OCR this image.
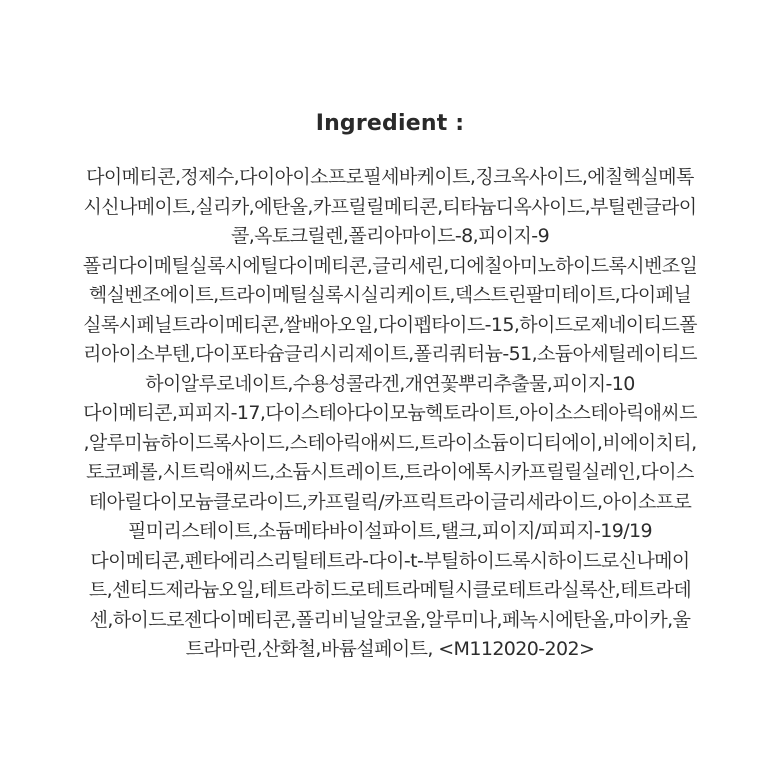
Ingredient :
다이메티콘,정제수,다이아이소프로필세바케이트,징크옥사이드,에칠헥실메톡
시신나메이트,실리카,에탄올,카프릴릴메티콘,티타늄디옥사이드,부틸렌글라이
콜,옥토크릴렌,폴리아마이드-8,피이지-9
폴리다이메틸실록시에틸다이메티콘,글리세린,디에칠아미노하이드록시벤조일
헥실벤조에이트,트라이메틸실록시실리케이트,덱스트린팔미테이트,다이페닐
실록시페닐트라이메티콘,쌀배아오일,다이펩타이드-15,하이드로제네이티드폴
리아이소부텐,다이포타슘글리시리제이트,폴리쿼터늄-51,소듐아세틸레이티드
하이알루로네이트,수용성콜라겐,개연꽃뿌리추출물,피이지-10
다이메티콘,피피지-17,다이스테아다이모늄헥토라이트,아이소스테아릭애씨드
,알루미늄하이드록사이드,스테아릭애씨드,트라이소듐이디티에이,비에이치티,
토코페롤,시트릭애씨드,소듐시트레이트,트라이에톡시카프릴릴실레인,다이스
테아릴다이모늄클로라이드,카프릴릭/카프릭트라이글리세라이드,아이소프로
필미리스테이트,소듐메타바이설파이트,탤크,피이지/피피지-19/19
다이메티콘,펜타에리스리틸테트라-다이-t-부틸하이드록시하이드로신나메이
트,센티드제라늄오일,테트라히드로테트라메틸시클로테트라실록산,테트라데
센,하이드로젠다이메티콘,폴리비닐알코올,알루미나,페녹시에탄올,마이카,울
트라마린,산화철,바륨설페이트, <M112020-202>
